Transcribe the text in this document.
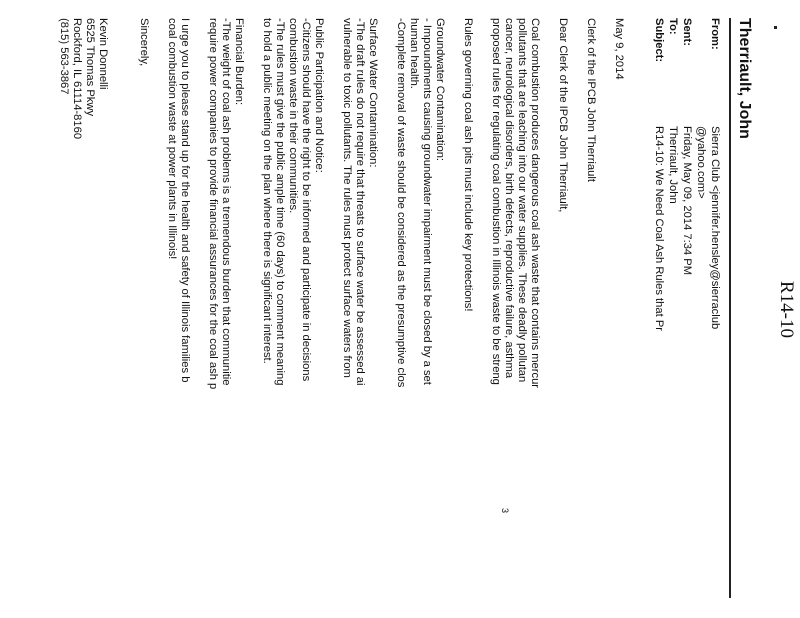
R14-10
3
Therriault, John
From:
Sierra Club <jennifer.hensley@sierraclub
@yahoo.com>
Sent:
Friday, May 09, 2014 7:34 PM
To:
Therriault, John
Subject:
R14-10: We Need Coal Ash Rules that Pr
May 9, 2014
Clerk of the IPCB John Therriault
Dear Clerk of the IPCB John Therriault,
Coal combustion produces dangerous coal ash waste that contains mercur
pollutants that are leaching into our water supplies. These deadly pollutan
cancer, neurological disorders, birth defects, reproductive failure, asthma
proposed rules for regulating coal combustion in Illinois waste to be streng
Rules governing coal ash pits must include key protections!
Groundwater Contamination:
- Impoundments causing groundwater impairment must be closed by a set
human health.
-Complete removal of waste should be considered as the presumptive clos
Surface Water Contamination:
-The draft rules do not require that threats to surface water be assessed ai
vulnerable to toxic pollutants. The rules must protect surface waters from
Public Participation and Notice:
-Citizens should have the right to be informed and participate in decisions
combustion waste in their communities.
-The rules must give the public ample time (60 days) to comment meaning
to hold a public meeting on the plan where there is significant interest.
Financial Burden:
-The weight of coal ash problems is a tremendous burden that communitie
require power companies to provide financial assurances for the coal ash p
I urge you to please stand up for the health and safety of Illinois families b
coal combustion waste at power plants in Illinois!
Sincerely,
Kevin Donnelli
6525 Thomas Pkwy
Rockford, IL 61114-8160
(815) 563-3867
